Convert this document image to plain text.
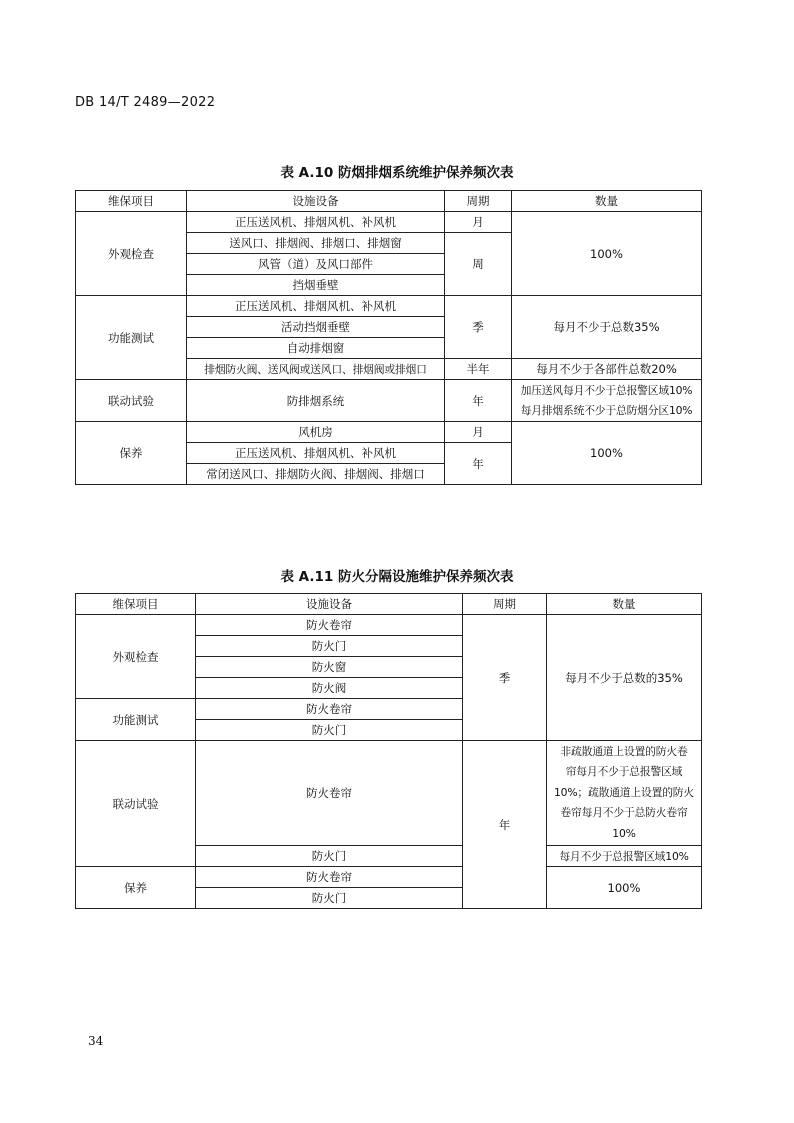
DB 14/T 2489—2022
表 A.10 防烟排烟系统维护保养频次表
维保项目	设施设备	周期	数量
外观检查	正压送风机、排烟风机、补风机	月	100%
	送风口、排烟阀、排烟口、排烟窗	周	
	风管（道）及风口部件		
	挡烟垂壁		
功能测试	正压送风机、排烟风机、补风机	季	每月不少于总数35%
	活动挡烟垂壁		
	自动排烟窗		
	排烟防火阀、送风阀或送风口、排烟阀或排烟口	半年	每月不少于各部件总数20%
联动试验	防排烟系统	年	加压送风每月不少于总报警区域10%
每月排烟系统不少于总防烟分区10%

保养	风机房	月	100%
	正压送风机、排烟风机、补风机	年	
	常闭送风口、排烟防火阀、排烟阀、排烟口		
表 A.11 防火分隔设施维护保养频次表
维保项目	设施设备	周期	数量
外观检查	防火卷帘	季	每月不少于总数的35%
	防火门		
	防火窗		
	防火阀		
功能测试	防火卷帘		
	防火门		
联动试验	防火卷帘	年	非疏散通道上设置的防火卷
帘每月不少于总报警区域
10%；疏散通道上设置的防火
卷帘每月不少于总防火卷帘
10%

	防火门		每月不少于总报警区域10%
保养	防火卷帘		100%
	防火门		
34
